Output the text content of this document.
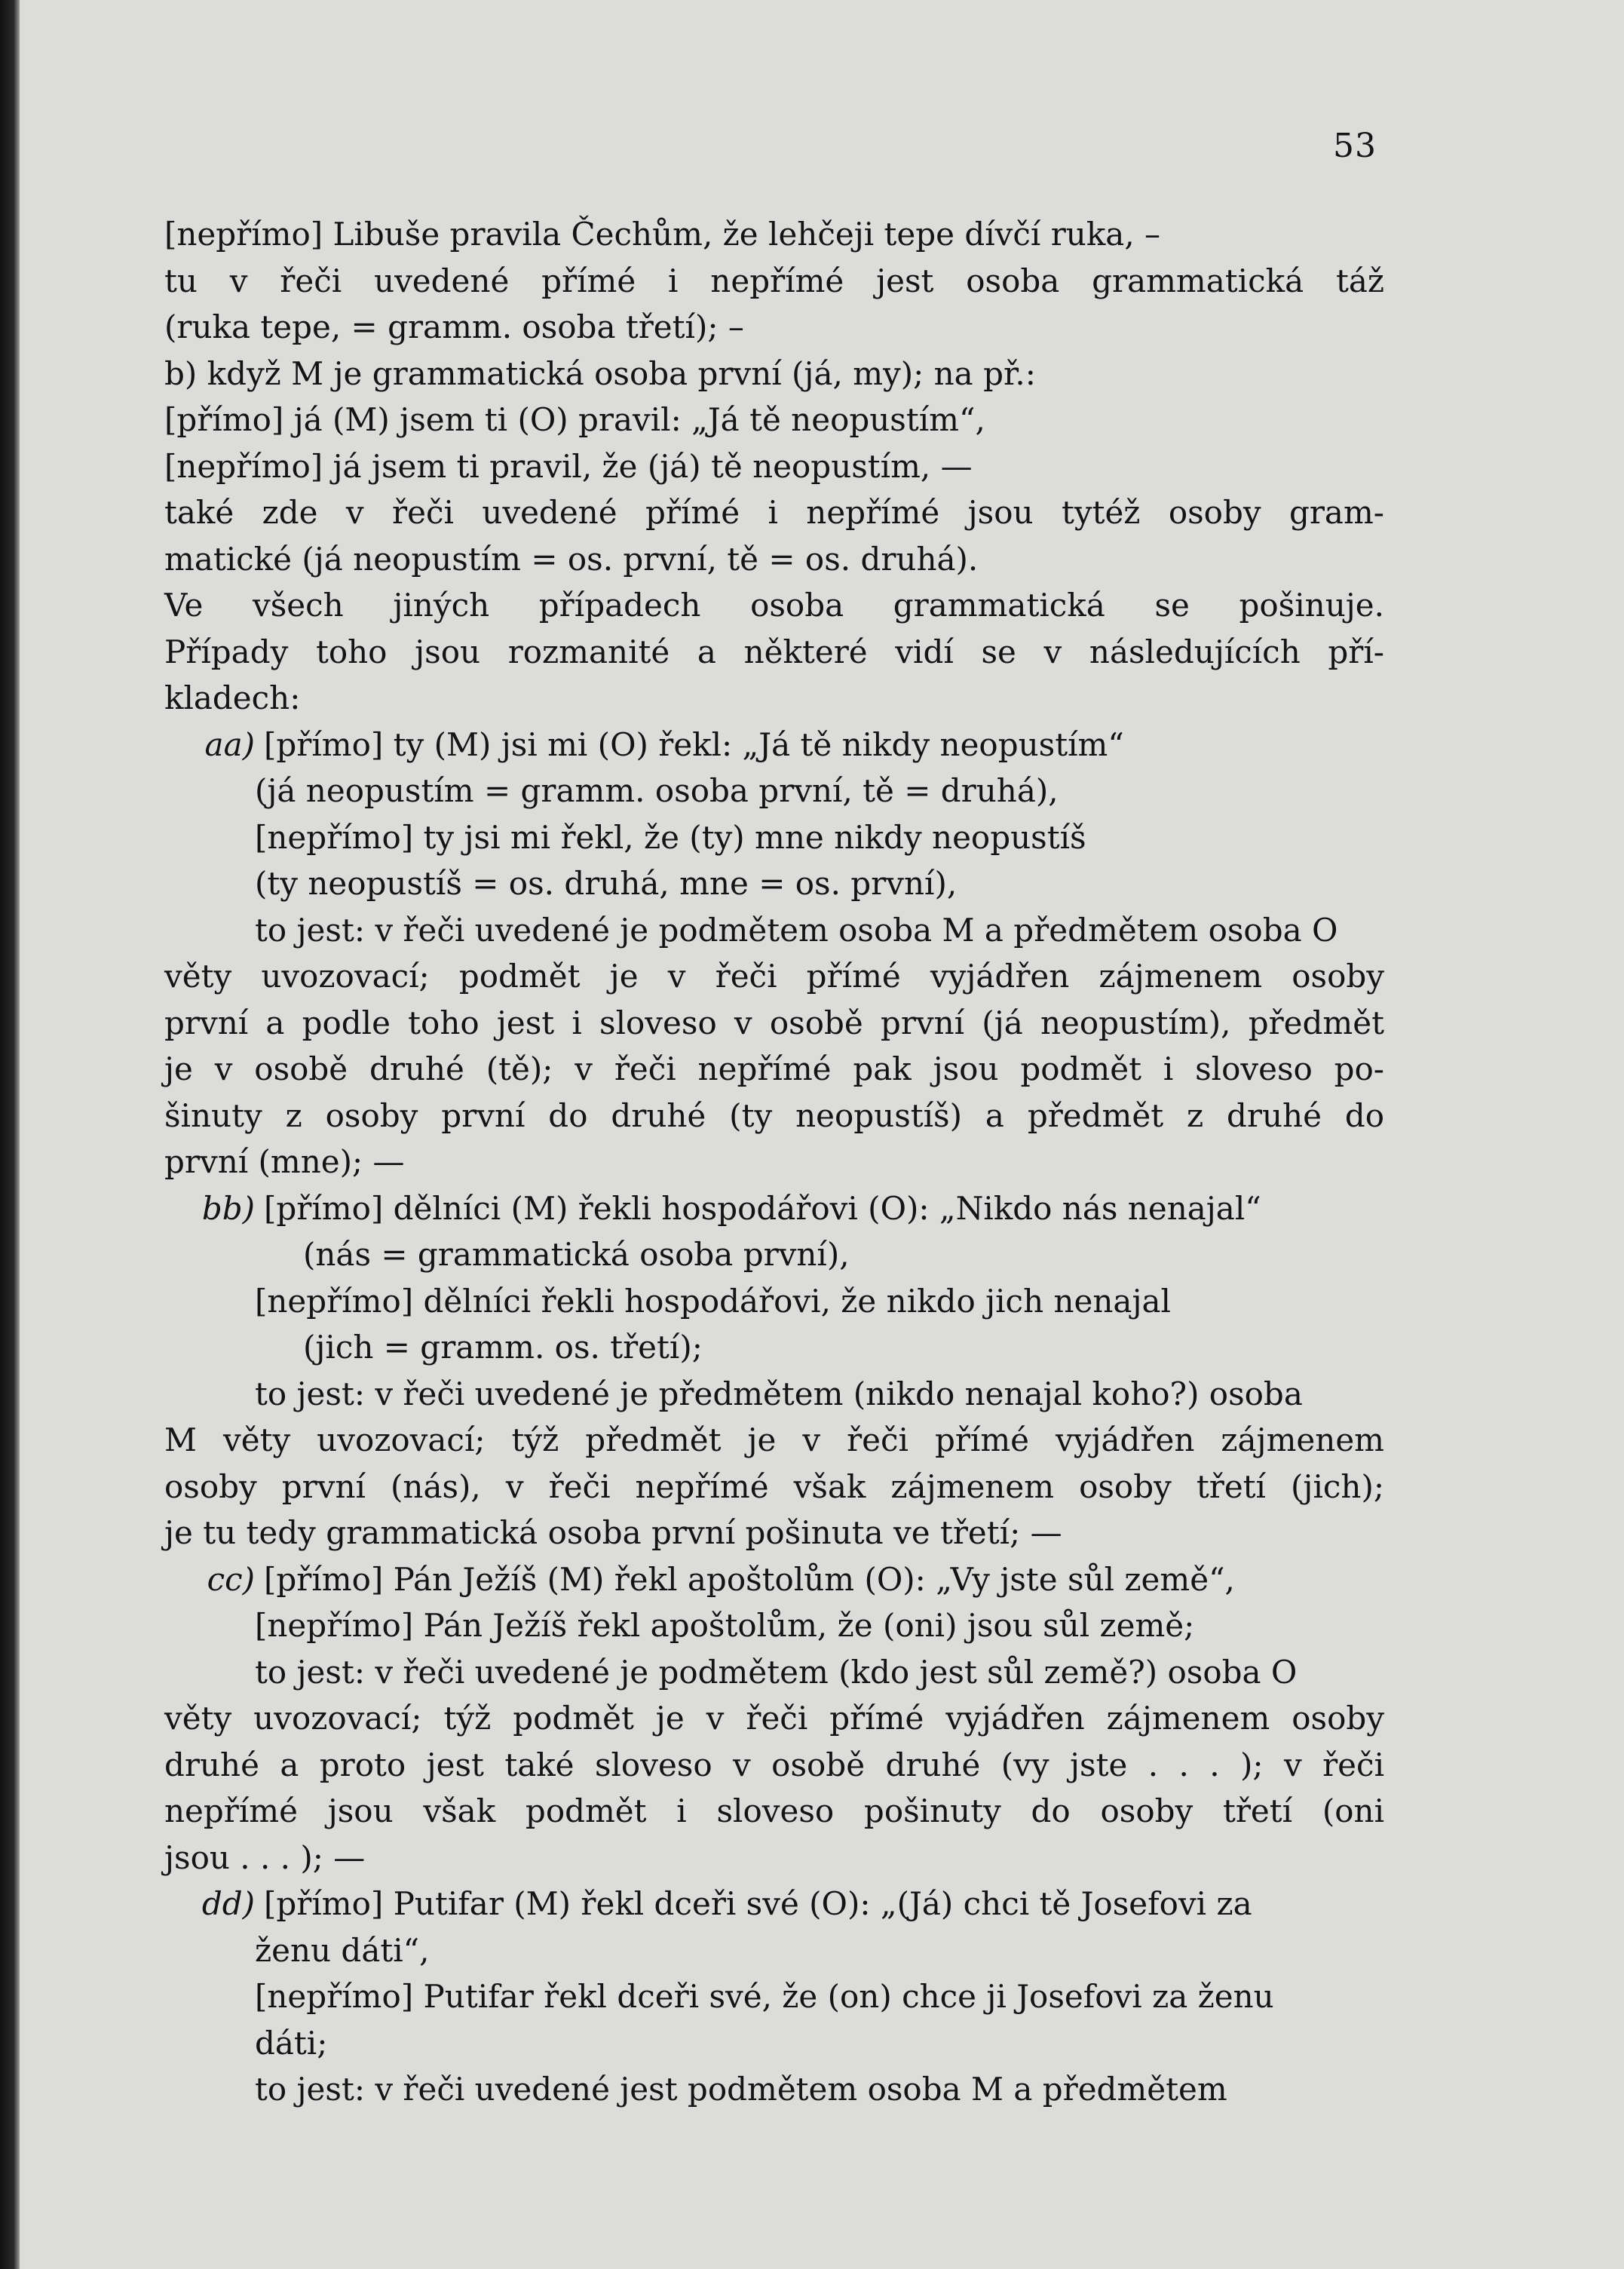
53
[nepřímo] Libuše pravila Čechům, že lehčeji tepe dívčí ruka, –
tu v řeči uvedené přímé i nepřímé jest osoba grammatická táž
(ruka tepe, = gramm. osoba třetí); –
b) když M je grammatická osoba první (já, my); na př.:
[přímo] já (M) jsem ti (O) pravil: „Já tě neopustím“,
[nepřímo] já jsem ti pravil, že (já) tě neopustím, —
také zde v řeči uvedené přímé i nepřímé jsou tytéž osoby gram-
matické (já neopustím = os. první, tě = os. druhá).
Ve všech jiných případech osoba grammatická se pošinuje.
Případy toho jsou rozmanité a některé vidí se v následujících pří-
kladech:
aa) [přímo] ty (M) jsi mi (O) řekl: „Já tě nikdy neopustím“
(já neopustím = gramm. osoba první, tě = druhá),
[nepřímo] ty jsi mi řekl, že (ty) mne nikdy neopustíš
(ty neopustíš = os. druhá, mne = os. první),
to jest: v řeči uvedené je podmětem osoba M a předmětem osoba O
věty uvozovací; podmět je v řeči přímé vyjádřen zájmenem osoby
první a podle toho jest i sloveso v osobě první (já neopustím), předmět
je v osobě druhé (tě); v řeči nepřímé pak jsou podmět i sloveso po-
šinuty z osoby první do druhé (ty neopustíš) a předmět z druhé do
první (mne); —
bb) [přímo] dělníci (M) řekli hospodářovi (O): „Nikdo nás nenajal“
(nás = grammatická osoba první),
[nepřímo] dělníci řekli hospodářovi, že nikdo jich nenajal
(jich = gramm. os. třetí);
to jest: v řeči uvedené je předmětem (nikdo nenajal koho?) osoba
M věty uvozovací; týž předmět je v řeči přímé vyjádřen zájmenem
osoby první (nás), v řeči nepřímé však zájmenem osoby třetí (jich);
je tu tedy grammatická osoba první pošinuta ve třetí; —
cc) [přímo] Pán Ježíš (M) řekl apoštolům (O): „Vy jste sůl země“,
[nepřímo] Pán Ježíš řekl apoštolům, že (oni) jsou sůl země;
to jest: v řeči uvedené je podmětem (kdo jest sůl země?) osoba O
věty uvozovací; týž podmět je v řeči přímé vyjádřen zájmenem osoby
druhé a proto jest také sloveso v osobě druhé (vy jste . . . ); v řeči
nepřímé jsou však podmět i sloveso pošinuty do osoby třetí (oni
jsou . . . ); —
dd) [přímo] Putifar (M) řekl dceři své (O): „(Já) chci tě Josefovi za
ženu dáti“,
[nepřímo] Putifar řekl dceři své, že (on) chce ji Josefovi za ženu
dáti;
to jest: v řeči uvedené jest podmětem osoba M a předmětem
